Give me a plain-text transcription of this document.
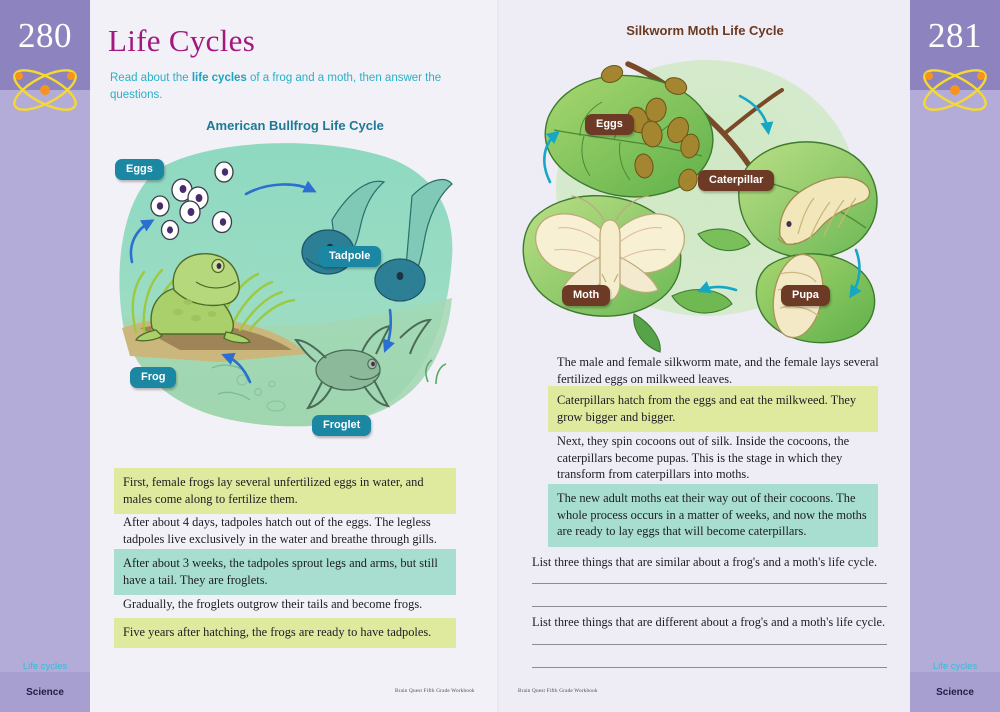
280
Life cycles
Science
Life Cycles
Read about the life cycles of a frog and a moth, then answer the questions.
American Bullfrog Life Cycle
Eggs
Tadpole
Frog
Froglet
First, female frogs lay several unfertilized eggs in water, and males come along to fertilize them.
After about 4 days, tadpoles hatch out of the eggs. The legless tadpoles live exclusively in the water and breathe through gills.
After about 3 weeks, the tadpoles sprout legs and arms, but still have a tail. They are froglets.
Gradually, the froglets outgrow their tails and become frogs.
Five years after hatching, the frogs are ready to have tadpoles.
Brain Quest Fifth Grade Workbook
Silkworm Moth Life Cycle
Eggs
Caterpillar
Moth	Pupa
The male and female silkworm mate, and the female lays several fertilized eggs on milkweed leaves.
Caterpillars hatch from the eggs and eat the milkweed. They grow bigger and bigger.
Next, they spin cocoons out of silk. Inside the cocoons, the caterpillars become pupas. This is the stage in which they transform from caterpillars into moths.
The new adult moths eat their way out of their cocoons. The whole process occurs in a matter of weeks, and now the moths are ready to lay eggs that will become caterpillars.
List three things that are similar about a frog's and a moth's life cycle.
List three things that are different about a frog's and a moth's life cycle.
Brain Quest Fifth Grade Workbook
281
Life cycles
Science
